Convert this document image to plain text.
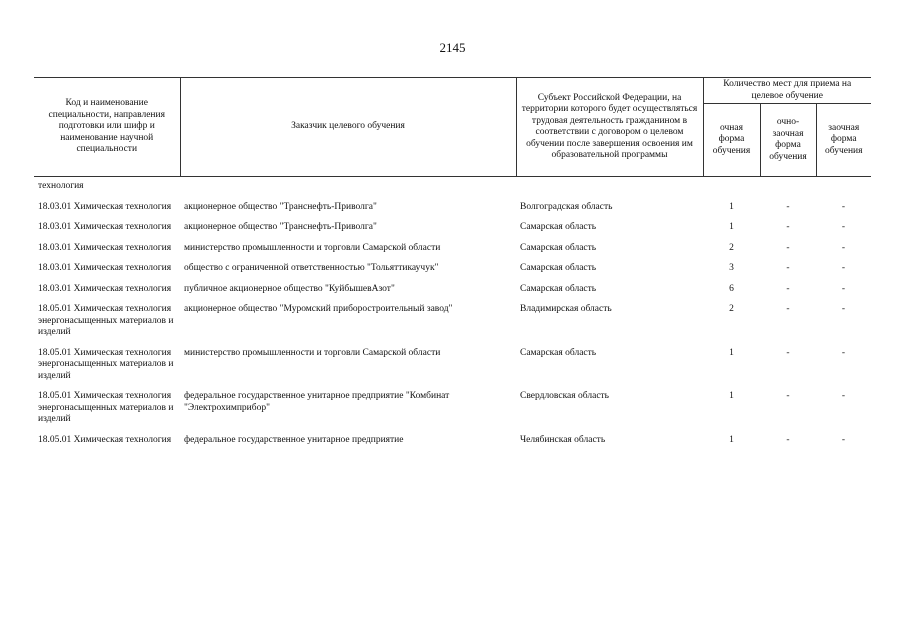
2145
Код и наименование специальности, направления подготовки или шифр и наименование научной специальности	Заказчик целевого обучения	Субъект Российской Федерации, на территории которого будет осуществляться трудовая деятельность гражданином в соответствии с договором о целевом обучении после завершения освоения им образовательной программы	Количество мест для приема на целевое обучение		
			очная форма обучения	очно-заочная форма обучения	заочная форма обучения
технология					
18.03.01 Химическая технология	акционерное общество "Транснефть-Приволга"	Волгоградская область	1	-	-
18.03.01 Химическая технология	акционерное общество "Транснефть-Приволга"	Самарская область	1	-	-
18.03.01 Химическая технология	министерство промышленности и торговли Самарской области	Самарская область	2	-	-
18.03.01 Химическая технология	общество с ограниченной ответственностью "Тольяттикаучук"	Самарская область	3	-	-
18.03.01 Химическая технология	публичное акционерное общество "КуйбышевАзот"	Самарская область	6	-	-
18.05.01 Химическая технология энергонасыщенных материалов и изделий	акционерное общество "Муромский приборостроительный завод"	Владимирская область	2	-	-
18.05.01 Химическая технология энергонасыщенных материалов и изделий	министерство промышленности и торговли Самарской области	Самарская область	1	-	-
18.05.01 Химическая технология энергонасыщенных материалов и изделий	федеральное государственное унитарное предприятие "Комбинат "Электрохимприбор"	Свердловская область	1	-	-
18.05.01 Химическая технология	федеральное государственное унитарное предприятие	Челябинская область	1	-	-
